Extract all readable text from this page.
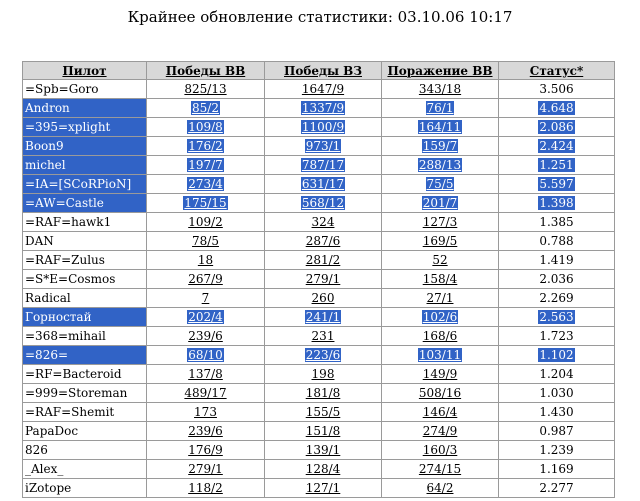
Крайнее обновление статистики: 03.10.06 10:17
Пилот	Победы ВВ	Победы ВЗ	Поражение ВВ	Статус*
=Spb=Goro	825/13	1647/9	343/18	3.506
Andron	85/2	1337/9	76/1	4.648
=395=xplight	109/8	1100/9	164/11	2.086
Boon9	176/2	973/1	159/7	2.424
michel	197/7	787/17	288/13	1.251
=IA=[SCoRPioN]	273/4	631/17	75/5	5.597
=AW=Castle	175/15	568/12	201/7	1.398
=RAF=hawk1	109/2	324	127/3	1.385
DAN	78/5	287/6	169/5	0.788
=RAF=Zulus	18	281/2	52	1.419
=S*E=Cosmos	267/9	279/1	158/4	2.036
Radical	7	260	27/1	2.269
Горностай	202/4	241/1	102/6	2.563
=368=mihail	239/6	231	168/6	1.723
=826=	68/10	223/6	103/11	1.102
=RF=Bacteroid	137/8	198	149/9	1.204
=999=Storeman	489/17	181/8	508/16	1.030
=RAF=Shemit	173	155/5	146/4	1.430
PapaDoc	239/6	151/8	274/9	0.987
826	176/9	139/1	160/3	1.239
_Alex_	279/1	128/4	274/15	1.169
iZotope	118/2	127/1	64/2	2.277
